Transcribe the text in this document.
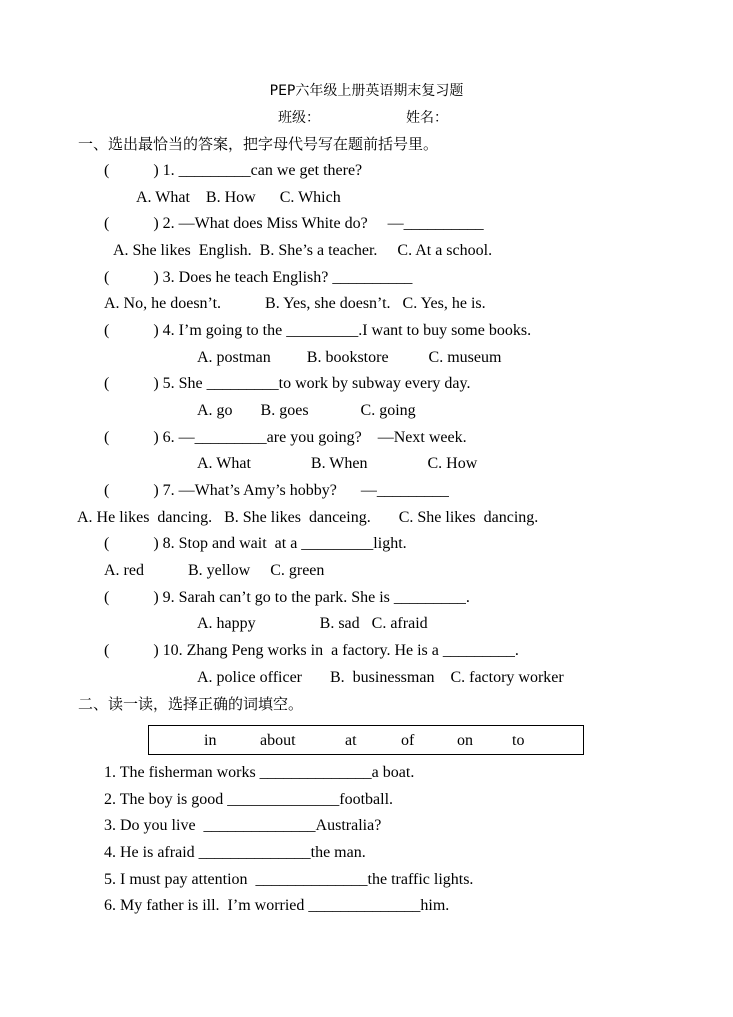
PEP六年级上册英语期末复习题
班级：	姓名：
一、选出最恰当的答案，把字母代号写在题前括号里。
(           ) 1. _________can we get there?
A. What    B. How      C. Which
(           ) 2. —What does Miss White do?     —__________
A. She likes  English.  B. She’s a teacher.     C. At a school.
(           ) 3. Does he teach English? __________
A. No, he doesn’t.           B. Yes, she doesn’t.   C. Yes, he is.
(           ) 4. I’m going to the _________.I want to buy some books.
A. postman         B. bookstore          C. museum
(           ) 5. She _________to work by subway every day.
A. go       B. goes             C. going
(           ) 6. —_________are you going?    —Next week.
A. What               B. When               C. How
(           ) 7. —What’s Amy’s hobby?      —_________
A. He likes  dancing.   B. She likes  danceing.       C. She likes  dancing.
(           ) 8. Stop and wait  at a _________light.
A. red           B. yellow     C. green
(           ) 9. Sarah can’t go to the park. She is _________.
A. happy                B. sad   C. afraid
(           ) 10. Zhang Peng works in  a factory. He is a _________.
A. police officer       B.  businessman    C. factory worker
二、读一读，选择正确的词填空。
in	about	at	of	on to
1. The fisherman works ______________a boat.
2. The boy is good ______________football.
3. Do you live  ______________Australia?
4. He is afraid ______________the man.
5. I must pay attention  ______________the traffic lights.
6. My father is ill.  I’m worried ______________him.
